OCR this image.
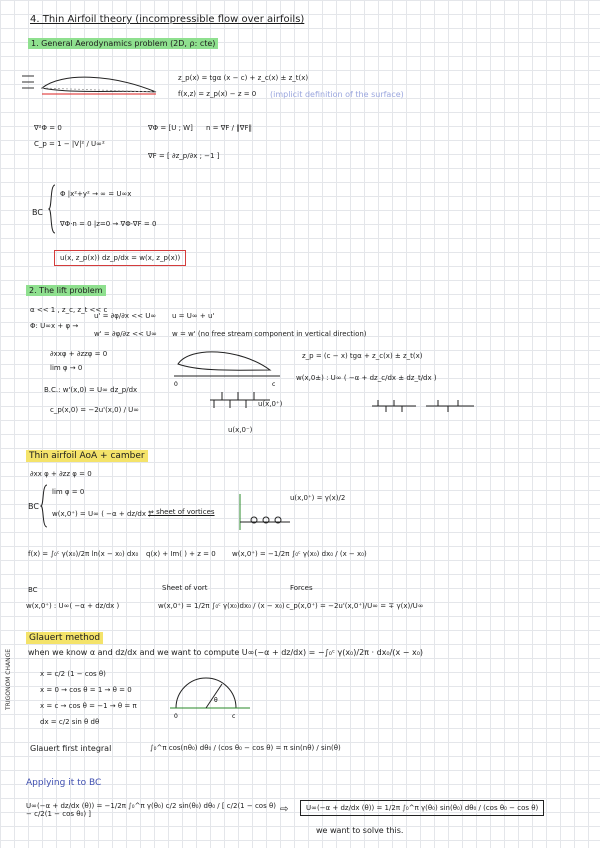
4. Thin Airfoil theory (incompressible flow over airfoils)
1. General Aerodynamics problem (2D, ρ: cte)
z_p(x) = tgα (x − c) + z_c(x) ± z_t(x)
f(x,z) = z_p(x) − z = 0 (implicit definition of the surface)
∇²Φ = 0
C_p = 1 − |V|² / U∞²
∇Φ = [U ; W] n = ∇F / ‖∇F‖
∇F = [ ∂z_p/∂x ; −1 ]
BC
Φ |x²+y² → ∞ = U∞x
∇Φ·n = 0 |z=0 → ∇Φ·∇F = 0
u(x, z_p(x)) dz_p/dx = w(x, z_p(x))
2. The lift problem
α << 1 , z_c, z_t << c
Φ: U∞x + φ →
u' = ∂φ/∂x << U∞
w' = ∂φ/∂z << U∞
u = U∞ + u'
w = w' (no free stream component in vertical direction)
∂xxφ + ∂zzφ = 0
lim φ → 0
B.C.: w'(x,0) = U∞ dz_p/dx
c_p(x,0) = −2u'(x,0) / U∞
0	c
u(x,0⁺)
u(x,0⁻)
z_p = (c − x) tgα + z_c(x) ± z_t(x)
w(x,0±) : U∞ ( −α + dz_c/dx ± dz_t/dx )
Thin airfoil AoA + camber
∂xx φ + ∂zz φ = 0
BC
lim φ = 0
w(x,0⁺) = U∞ ( −α + dz/dx )
⇒ sheet of vortices
u(x,0⁺) = γ(x)/2
f(x) = ∫₀ᶜ γ(x₀)/2π ln(x − x₀) dx₀ q(x) + Im( ) + z = 0 w(x,0⁺) = −1/2π ∫₀ᶜ γ(x₀) dx₀ / (x − x₀)
BC
w(x,0⁺) : U∞( −α + dz/dx )
Sheet of vort
w(x,0⁺) = 1/2π ∫₀ᶜ γ(x₀)dx₀ / (x − x₀)
Forces
c_p(x,0⁺) = −2u'(x,0⁺)/U∞ = ∓ γ(x)/U∞
Glauert method
when we know α and dz/dx and we want to compute U∞(−α + dz/dx) = −∫₀ᶜ γ(x₀)/2π · dx₀/(x − x₀)
TRIGONOM CHANGE	x = c/2 (1 − cos θ)
x = 0 → cos θ = 1 → θ = 0
x = c → cos θ = −1 → θ = π
dx = c/2 sin θ dθ
θ
0	c
Glauert first integral	∫₀^π cos(nθ₀) dθ₀ / (cos θ₀ − cos θ) = π sin(nθ) / sin(θ)
Applying it to BC
U∞(−α + dz/dx (θ)) = −1/2π ∫₀^π γ(θ₀) c/2 sin(θ₀) dθ₀ / [ c/2(1 − cos θ) − c/2(1 − cos θ₀) ]	⇨	U∞(−α + dz/dx (θ)) = 1/2π ∫₀^π γ(θ₀) sin(θ₀) dθ₀ / (cos θ₀ − cos θ)
we want to solve this.
